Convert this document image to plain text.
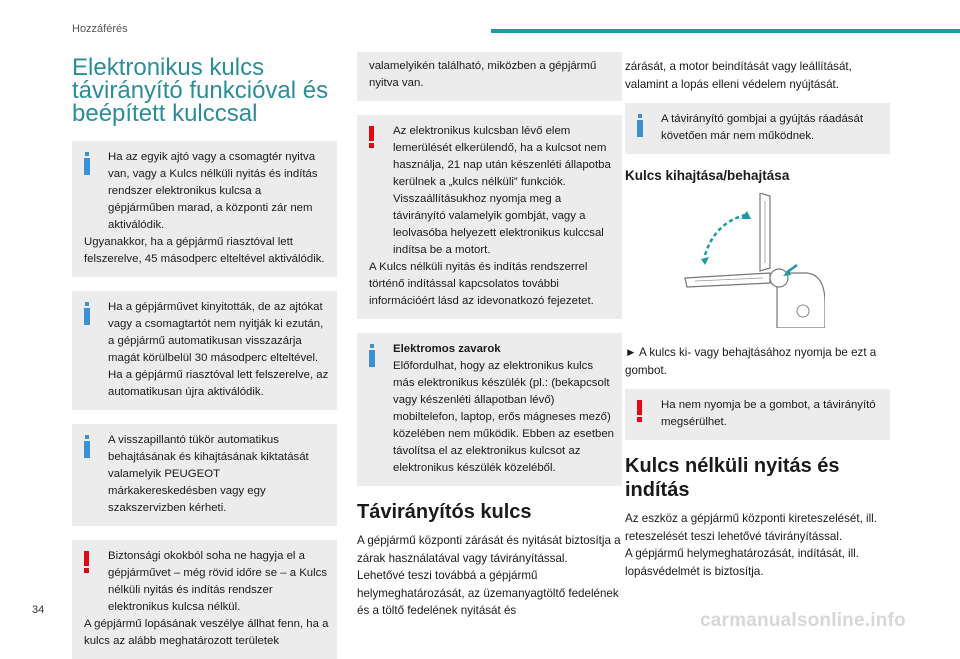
Hozzáférés
Elektronikus kulcs távirányító funkcióval és beépített kulccsal

Ha az egyik ajtó vagy a csomagtér nyitva van, vagy a Kulcs nélküli nyitás és indítás rendszer elektronikus kulcsa a gépjárműben marad, a központi zár nem aktiválódik.

Ugyanakkor, ha a gépjármű riasztóval lett felszerelve, 45 másodperc elteltével aktiválódik.

Ha a gépjárművet kinyitották, de az ajtókat vagy a csomagtartót nem nyitják ki ezután, a gépjármű automatikusan visszazárja magát körülbelül 30 másodperc elteltével. Ha a gépjármű riasztóval lett felszerelve, az automatikusan újra aktiválódik.

A visszapillantó tükör automatikus behajtásának és kihajtásának kiktatását valamelyik PEUGEOT márkakereskedésben vagy egy szakszervizben kérheti.

Biztonsági okokból soha ne hagyja el a gépjárművet – még rövid időre se – a Kulcs nélküli nyitás és indítás rendszer elektronikus kulcsa nélkül.

A gépjármű lopásának veszélye állhat fenn, ha a kulcs az alább meghatározott területek

valamelyikén található, miközben a gépjármű nyitva van.

Az elektronikus kulcsban lévő elem lemerülését elkerülendő, ha a kulcsot nem használja, 21 nap után készenléti állapotba kerülnek a „kulcs nélküli” funkciók. Visszaállításukhoz nyomja meg a távirányító valamelyik gombját, vagy a leolvasóba helyezett elektronikus kulccsal indítsa be a motort.

A Kulcs nélküli nyitás és indítás rendszerrel történő indítással kapcsolatos további információért lásd az idevonatkozó fejezetet.

Elektromos zavarok

Előfordulhat, hogy az elektronikus kulcs más elektronikus készülék (pl.: (bekapcsolt vagy készenléti állapotban lévő) mobiltelefon, laptop, erős mágneses mező) közelében nem működik. Ebben az esetben távolítsa el az elektronikus kulcsot az elektronikus készülék közeléből.

Távirányítós kulcs

A gépjármű központi zárását és nyitását biztosítja a zárak használatával vagy távirányítással.

Lehetővé teszi továbbá a gépjármű helymeghatározását, az üzemanyagtöltő fedelének és a töltő fedelének nyitását és

zárását, a motor beindítását vagy leállítását, valamint a lopás elleni védelem nyújtását.

A távirányító gombjai a gyújtás ráadását követően már nem működnek.

Kulcs kihajtása/behajtása

► A kulcs ki- vagy behajtásához nyomja be ezt a gombot.

Ha nem nyomja be a gombot, a távirányító megsérülhet.

Kulcs nélküli nyitás és indítás

Az eszköz a gépjármű központi kireteszelését, ill. reteszelését teszi lehetővé távirányítással.

A gépjármű helymeghatározását, indítását, ill. lopásvédelmét is biztosítja.

34	carmanualsonline.info
